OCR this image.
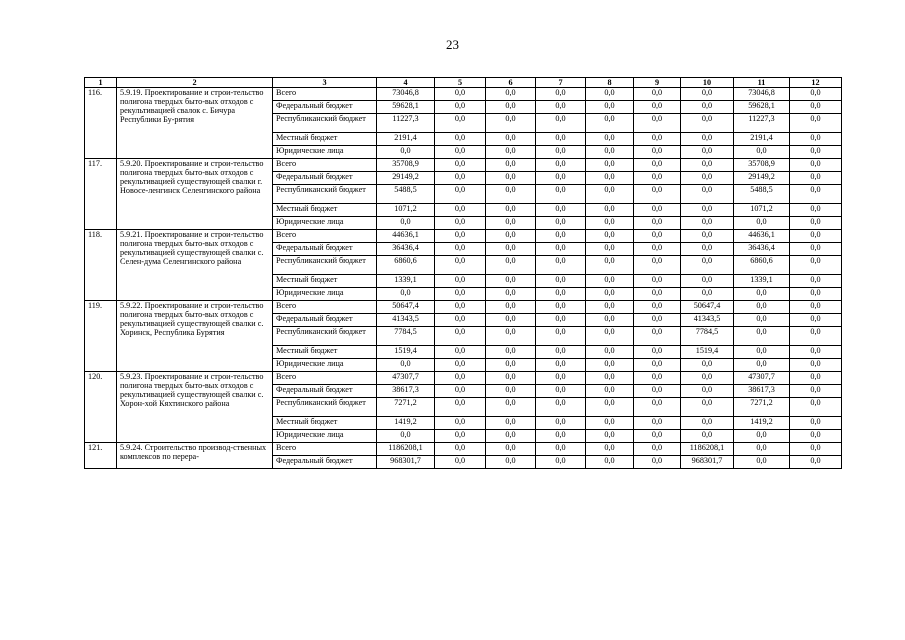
23
1	2	3	4	5	6	7	8	9	10	11	12
116.	5.9.19. Проектирование и строи-тельство полигона твердых быто-вых отходов с рекультивацией свалок с. Бичура Республики Бу-рятия	Всего	73046,8	0,0	0,0	0,0	0,0	0,0	0,0	73046,8	0,0
		Федеральный бюджет	59628,1	0,0	0,0	0,0	0,0	0,0	0,0	59628,1	0,0
		Республиканский бюджет	11227,3	0,0	0,0	0,0	0,0	0,0	0,0	11227,3	0,0
		Местный бюджет	2191,4	0,0	0,0	0,0	0,0	0,0	0,0	2191,4	0,0
		Юридические лица	0,0	0,0	0,0	0,0	0,0	0,0	0,0	0,0	0,0
117.	5.9.20. Проектирование и строи-тельство полигона твердых быто-вых отходов с рекультивацией существующей свалки г. Новосе-ленгинск Селенгинского района	Всего	35708,9	0,0	0,0	0,0	0,0	0,0	0,0	35708,9	0,0
		Федеральный бюджет	29149,2	0,0	0,0	0,0	0,0	0,0	0,0	29149,2	0,0
		Республиканский бюджет	5488,5	0,0	0,0	0,0	0,0	0,0	0,0	5488,5	0,0
		Местный бюджет	1071,2	0,0	0,0	0,0	0,0	0,0	0,0	1071,2	0,0
		Юридические лица	0,0	0,0	0,0	0,0	0,0	0,0	0,0	0,0	0,0
118.	5.9.21. Проектирование и строи-тельство полигона твердых быто-вых отходов с рекультивацией существующей свалки с. Селен-дума Селенгинского района	Всего	44636,1	0,0	0,0	0,0	0,0	0,0	0,0	44636,1	0,0
		Федеральный бюджет	36436,4	0,0	0,0	0,0	0,0	0,0	0,0	36436,4	0,0
		Республиканский бюджет	6860,6	0,0	0,0	0,0	0,0	0,0	0,0	6860,6	0,0
		Местный бюджет	1339,1	0,0	0,0	0,0	0,0	0,0	0,0	1339,1	0,0
		Юридические лица	0,0	0,0	0,0	0,0	0,0	0,0	0,0	0,0	0,0
119.	5.9.22. Проектирование и строи-тельство полигона твердых быто-вых отходов с рекультивацией существующей свалки с. Хоринск, Республика Бурятия	Всего	50647,4	0,0	0,0	0,0	0,0	0,0	50647,4	0,0	0,0
		Федеральный бюджет	41343,5	0,0	0,0	0,0	0,0	0,0	41343,5	0,0	0,0
		Республиканский бюджет	7784,5	0,0	0,0	0,0	0,0	0,0	7784,5	0,0	0,0
		Местный бюджет	1519,4	0,0	0,0	0,0	0,0	0,0	1519,4	0,0	0,0
		Юридические лица	0,0	0,0	0,0	0,0	0,0	0,0	0,0	0,0	0,0
120.	5.9.23. Проектирование и строи-тельство полигона твердых быто-вых отходов с рекультивацией существующей свалки с. Хорон-хой Кяхтинского района	Всего	47307,7	0,0	0,0	0,0	0,0	0,0	0,0	47307,7	0,0
		Федеральный бюджет	38617,3	0,0	0,0	0,0	0,0	0,0	0,0	38617,3	0,0
		Республиканский бюджет	7271,2	0,0	0,0	0,0	0,0	0,0	0,0	7271,2	0,0
		Местный бюджет	1419,2	0,0	0,0	0,0	0,0	0,0	0,0	1419,2	0,0
		Юридические лица	0,0	0,0	0,0	0,0	0,0	0,0	0,0	0,0	0,0
121.	5.9.24. Строительство производ-ственных комплексов по перера-	Всего	1186208,1	0,0	0,0	0,0	0,0	0,0	1186208,1	0,0	0,0
		Федеральный бюджет	968301,7	0,0	0,0	0,0	0,0	0,0	968301,7	0,0	0,0
